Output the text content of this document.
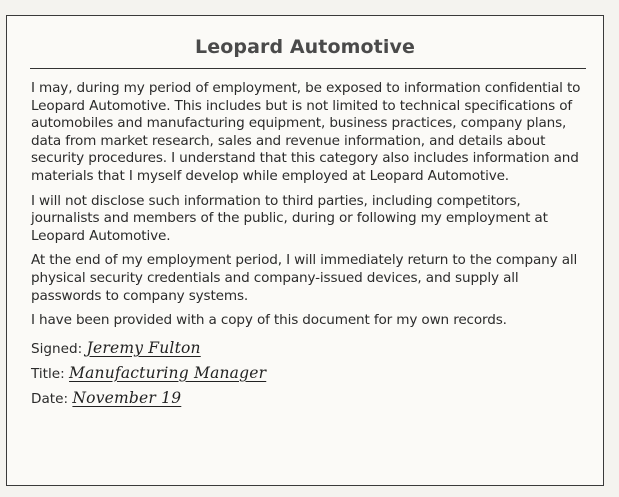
Leopard Automotive

I may, during my period of employment, be exposed to information confidential to Leopard Automotive. This includes but is not limited to technical specifications of automobiles and manufacturing equipment, business practices, company plans, data from market research, sales and revenue information, and details about security procedures. I understand that this category also includes information and materials that I myself develop while employed at Leopard Automotive.

I will not disclose such information to third parties, including competitors, journalists and members of the public, during or following my employment at Leopard Automotive.

At the end of my employment period, I will immediately return to the company all physical security credentials and company-issued devices, and supply all passwords to company systems.

I have been provided with a copy of this document for my own records.

Signed: Jeremy Fulton
Title: Manufacturing Manager
Date: November 19
